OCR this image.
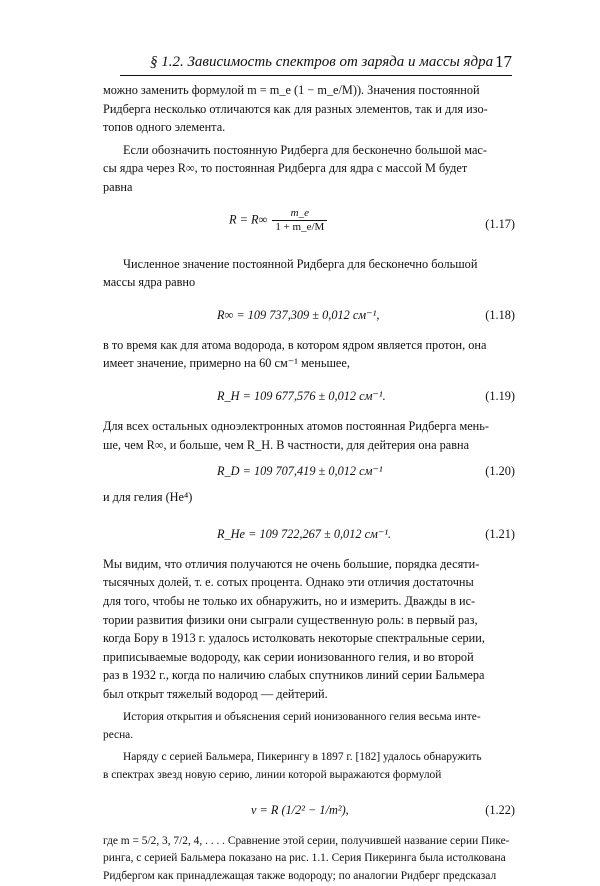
§ 1.2. Зависимость спектров от заряда и массы ядра 17

можно заменить формулой m = m_e (1 − m_e/M)). Значения постоянной
Ридберга несколько отличаются как для разных элементов, так и для изо-
топов одного элемента.

Если обозначить постоянную Ридберга для бесконечно большой мас-
сы ядра через R∞, то постоянная Ридберга для ядра с массой M будет
равна

$R = R\infty \frac{m\_e}{1 + m\_e/M}$	(1.17)

Численное значение постоянной Ридберга для бесконечно большой
массы ядра равно

R∞ = 109 737,309 ± 0,012 см⁻¹,	(1.18)

в то время как для атома водорода, в котором ядром является протон, она
имеет значение, примерно на 60 см⁻¹ меньшее,

R_H = 109 677,576 ± 0,012 см⁻¹.	(1.19)

Для всех остальных одноэлектронных атомов постоянная Ридберга мень-
ше, чем R∞, и больше, чем R_H. В частности, для дейтерия она равна

R_D = 109 707,419 ± 0,012 см⁻¹	(1.20)

и для гелия (He⁴)

R_He = 109 722,267 ± 0,012 см⁻¹.	(1.21)

Мы видим, что отличия получаются не очень большие, порядка десяти-
тысячных долей, т. е. сотых процента. Однако эти отличия достаточны
для того, чтобы не только их обнаружить, но и измерить. Дважды в ис-
тории развития физики они сыграли существенную роль: в первый раз,
когда Бору в 1913 г. удалось истолковать некоторые спектральные серии,
приписываемые водороду, как серии ионизованного гелия, и во второй
раз в 1932 г., когда по наличию слабых спутников линий серии Бальмера
был открыт тяжелый водород — дейтерий.

История открытия и объяснения серий ионизованного гелия весьма инте-
ресна.

Наряду с серией Бальмера, Пикерингу в 1897 г. [182] удалось обнаружить
в спектрах звезд новую серию, линии которой выражаются формулой

ν = R (1/2² − 1/m²),	(1.22)

где m = 5/2, 3, 7/2, 4, . . . . Сравнение этой серии, получившей название серии Пике-
ринга, с серией Бальмера показано на рис. 1.1. Серия Пикеринга была истолкована
Ридбергом как принадлежащая также водороду; по аналогии Ридберг предсказал
